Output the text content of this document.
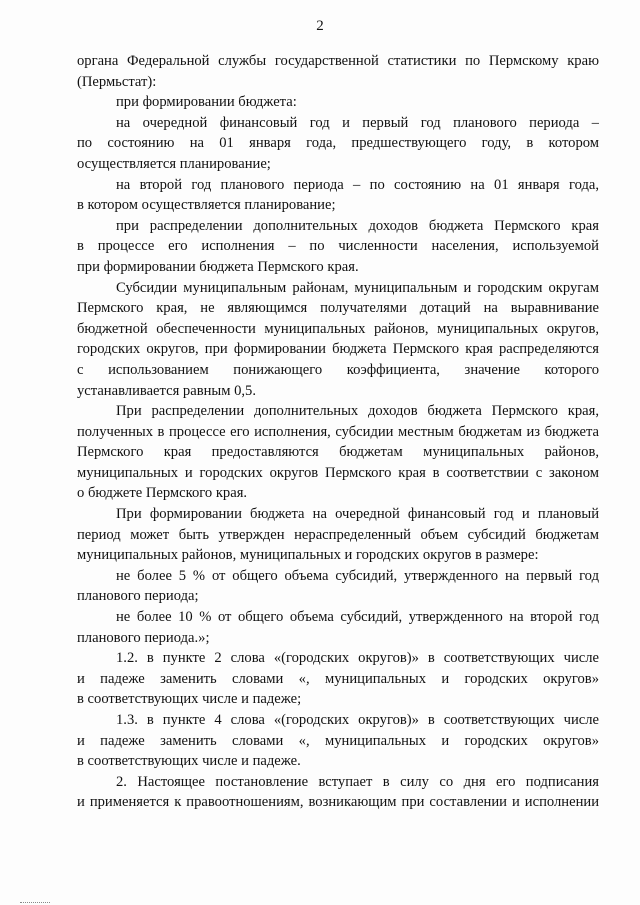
2
органа Федеральной службы государственной статистики по Пермскому краю
(Пермьстат):
при формировании бюджета:
на очередной финансовый год и первый год планового периода –
по состоянию на 01 января года, предшествующего году, в котором
осуществляется планирование;
на второй год планового периода – по состоянию на 01 января года,
в котором осуществляется планирование;
при распределении дополнительных доходов бюджета Пермского края
в процессе его исполнения – по численности населения, используемой
при формировании бюджета Пермского края.
Субсидии муниципальным районам, муниципальным и городским округам
Пермского края, не являющимся получателями дотаций на выравнивание
бюджетной обеспеченности муниципальных районов, муниципальных округов,
городских округов, при формировании бюджета Пермского края распределяются
с использованием понижающего коэффициента, значение которого
устанавливается равным 0,5.
При распределении дополнительных доходов бюджета Пермского края,
полученных в процессе его исполнения, субсидии местным бюджетам из бюджета
Пермского края предоставляются бюджетам муниципальных районов,
муниципальных и городских округов Пермского края в соответствии с законом
о бюджете Пермского края.
При формировании бюджета на очередной финансовый год и плановый
период может быть утвержден нераспределенный объем субсидий бюджетам
муниципальных районов, муниципальных и городских округов в размере:
не более 5 % от общего объема субсидий, утвержденного на первый год
планового периода;
не более 10 % от общего объема субсидий, утвержденного на второй год
планового периода.»;
1.2. в пункте 2 слова «(городских округов)» в соответствующих числе
и падеже заменить словами «, муниципальных и городских округов»
в соответствующих числе и падеже;
1.3. в пункте 4 слова «(городских округов)» в соответствующих числе
и падеже заменить словами «, муниципальных и городских округов»
в соответствующих числе и падеже.
2. Настоящее постановление вступает в силу со дня его подписания
и применяется к правоотношениям, возникающим при составлении и исполнении
